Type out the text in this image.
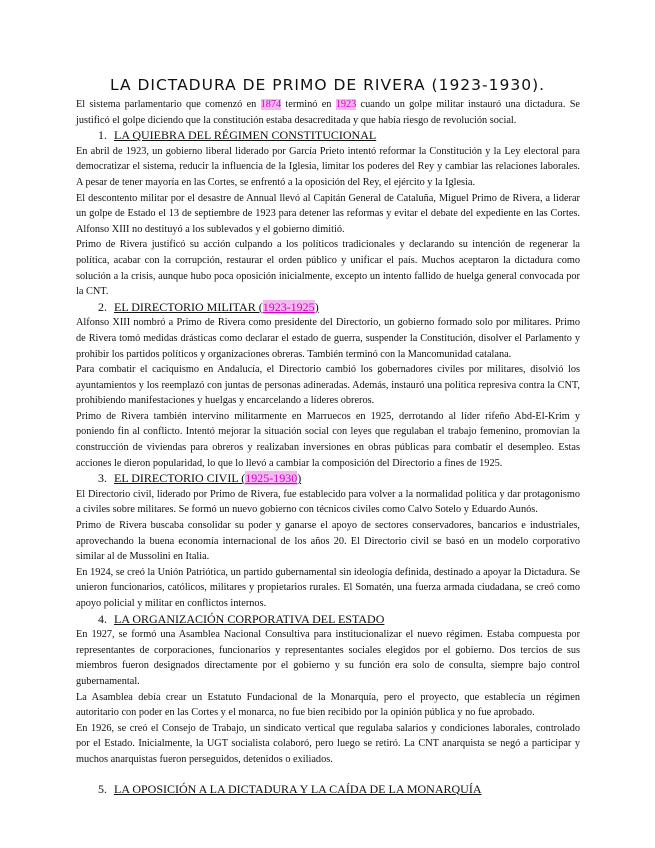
LA DICTADURA DE PRIMO DE RIVERA (1923-1930).

El sistema parlamentario que comenzó en 1874 terminó en 1923 cuando un golpe militar instauró una dictadura. Se justificó el golpe diciendo que la constitución estaba desacreditada y que había riesgo de revolución social.

1. LA QUIEBRA DEL RÉGIMEN CONSTITUCIONAL

En abril de 1923, un gobierno liberal liderado por García Prieto intentó reformar la Constitución y la Ley electoral para democratizar el sistema, reducir la influencia de la Iglesia, limitar los poderes del Rey y cambiar las relaciones laborales. A pesar de tener mayoría en las Cortes, se enfrentó a la oposición del Rey, el ejército y la Iglesia.

El descontento militar por el desastre de Annual llevó al Capitán General de Cataluña, Miguel Primo de Rivera, a liderar un golpe de Estado el 13 de septiembre de 1923 para detener las reformas y evitar el debate del expediente en las Cortes. Alfonso XIII no destituyó a los sublevados y el gobierno dimitió.

Primo de Rivera justificó su acción culpando a los políticos tradicionales y declarando su intención de regenerar la política, acabar con la corrupción, restaurar el orden público y unificar el país. Muchos aceptaron la dictadura como solución a la crisis, aunque hubo poca oposición inicialmente, excepto un intento fallido de huelga general convocada por la CNT.

2. EL DIRECTORIO MILITAR (1923-1925)

Alfonso XIII nombró a Primo de Rivera como presidente del Directorio, un gobierno formado solo por militares. Primo de Rivera tomó medidas drásticas como declarar el estado de guerra, suspender la Constitución, disolver el Parlamento y prohibir los partidos políticos y organizaciones obreras. También terminó con la Mancomunidad catalana.

Para combatir el caciquismo en Andalucía, el Directorio cambió los gobernadores civiles por militares, disolvió los ayuntamientos y los reemplazó con juntas de personas adineradas. Además, instauró una política represiva contra la CNT, prohibiendo manifestaciones y huelgas y encarcelando a líderes obreros.

Primo de Rivera también intervino militarmente en Marruecos en 1925, derrotando al líder rifeño Abd-El-Krim y poniendo fin al conflicto. Intentó mejorar la situación social con leyes que regulaban el trabajo femenino, promovían la construcción de viviendas para obreros y realizaban inversiones en obras públicas para combatir el desempleo. Estas acciones le dieron popularidad, lo que lo llevó a cambiar la composición del Directorio a fines de 1925.

3. EL DIRECTORIO CIVIL (1925-1930)

El Directorio civil, liderado por Primo de Rivera, fue establecido para volver a la normalidad política y dar protagonismo a civiles sobre militares. Se formó un nuevo gobierno con técnicos civiles como Calvo Sotelo y Eduardo Aunós.

Primo de Rivera buscaba consolidar su poder y ganarse el apoyo de sectores conservadores, bancarios e industriales, aprovechando la buena economía internacional de los años 20. El Directorio civil se basó en un modelo corporativo similar al de Mussolini en Italia.

En 1924, se creó la Unión Patriótica, un partido gubernamental sin ideología definida, destinado a apoyar la Dictadura. Se unieron funcionarios, católicos, militares y propietarios rurales. El Somatén, una fuerza armada ciudadana, se creó como apoyo policial y militar en conflictos internos.

4. LA ORGANIZACIÓN CORPORATIVA DEL ESTADO

En 1927, se formó una Asamblea Nacional Consultiva para institucionalizar el nuevo régimen. Estaba compuesta por representantes de corporaciones, funcionarios y representantes sociales elegidos por el gobierno. Dos tercios de sus miembros fueron designados directamente por el gobierno y su función era solo de consulta, siempre bajo control gubernamental.

La Asamblea debía crear un Estatuto Fundacional de la Monarquía, pero el proyecto, que establecía un régimen autoritario con poder en las Cortes y el monarca, no fue bien recibido por la opinión pública y no fue aprobado.

En 1926, se creó el Consejo de Trabajo, un sindicato vertical que regulaba salarios y condiciones laborales, controlado por el Estado. Inicialmente, la UGT socialista colaboró, pero luego se retiró. La CNT anarquista se negó a participar y muchos anarquistas fueron perseguidos, detenidos o exiliados.

5. LA OPOSICIÓN A LA DICTADURA Y LA CAÍDA DE LA MONARQUÍA
